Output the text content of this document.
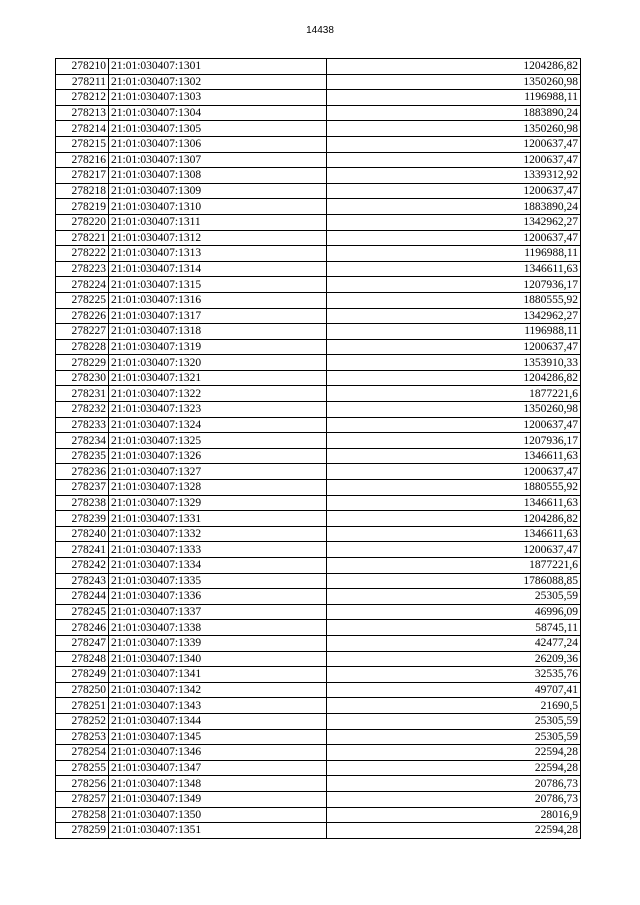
14438
278210	21:01:030407:1301	1204286,82
278211	21:01:030407:1302	1350260,98
278212	21:01:030407:1303	1196988,11
278213	21:01:030407:1304	1883890,24
278214	21:01:030407:1305	1350260,98
278215	21:01:030407:1306	1200637,47
278216	21:01:030407:1307	1200637,47
278217	21:01:030407:1308	1339312,92
278218	21:01:030407:1309	1200637,47
278219	21:01:030407:1310	1883890,24
278220	21:01:030407:1311	1342962,27
278221	21:01:030407:1312	1200637,47
278222	21:01:030407:1313	1196988,11
278223	21:01:030407:1314	1346611,63
278224	21:01:030407:1315	1207936,17
278225	21:01:030407:1316	1880555,92
278226	21:01:030407:1317	1342962,27
278227	21:01:030407:1318	1196988,11
278228	21:01:030407:1319	1200637,47
278229	21:01:030407:1320	1353910,33
278230	21:01:030407:1321	1204286,82
278231	21:01:030407:1322	1877221,6
278232	21:01:030407:1323	1350260,98
278233	21:01:030407:1324	1200637,47
278234	21:01:030407:1325	1207936,17
278235	21:01:030407:1326	1346611,63
278236	21:01:030407:1327	1200637,47
278237	21:01:030407:1328	1880555,92
278238	21:01:030407:1329	1346611,63
278239	21:01:030407:1331	1204286,82
278240	21:01:030407:1332	1346611,63
278241	21:01:030407:1333	1200637,47
278242	21:01:030407:1334	1877221,6
278243	21:01:030407:1335	1786088,85
278244	21:01:030407:1336	25305,59
278245	21:01:030407:1337	46996,09
278246	21:01:030407:1338	58745,11
278247	21:01:030407:1339	42477,24
278248	21:01:030407:1340	26209,36
278249	21:01:030407:1341	32535,76
278250	21:01:030407:1342	49707,41
278251	21:01:030407:1343	21690,5
278252	21:01:030407:1344	25305,59
278253	21:01:030407:1345	25305,59
278254	21:01:030407:1346	22594,28
278255	21:01:030407:1347	22594,28
278256	21:01:030407:1348	20786,73
278257	21:01:030407:1349	20786,73
278258	21:01:030407:1350	28016,9
278259	21:01:030407:1351	22594,28
